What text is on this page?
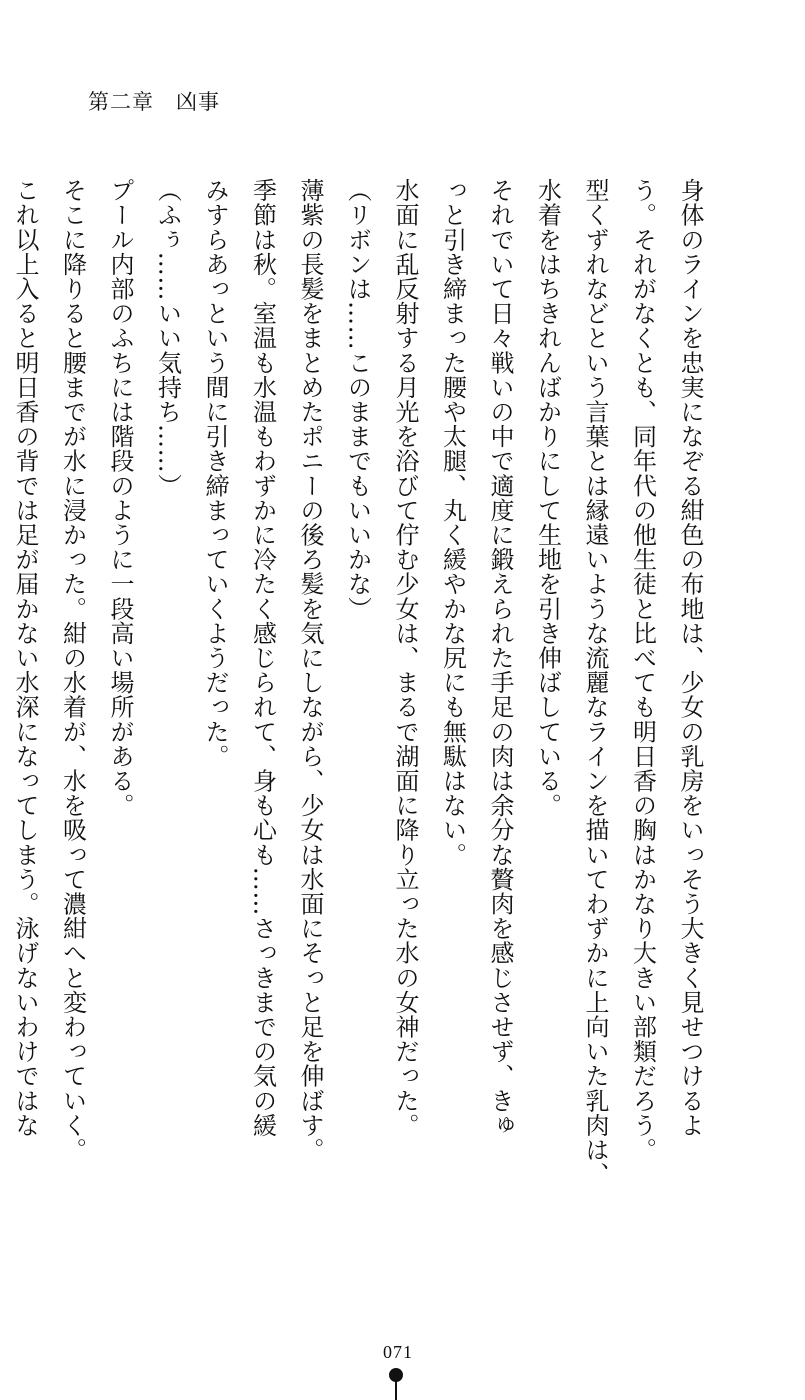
第二章　凶事

身体のラインを忠実になぞる紺色の布地は、少女の乳房をいっそう大きく見せつけるよ
う。それがなくとも、同年代の他生徒と比べても明日香の胸はかなり大きい部類だろう。
型くずれなどという言葉とは縁遠いような流麗なラインを描いてわずかに上向いた乳肉は、
水着をはちきれんばかりにして生地を引き伸ばしている。

それでいて日々戦いの中で適度に鍛えられた手足の肉は余分な贅肉を感じさせず、きゅ
っと引き締まった腰や太腿、丸く緩やかな尻にも無駄はない。

水面に乱反射する月光を浴びて佇む少女は、まるで湖面に降り立った水の女神だった。

（リボンは……このままでもいいかな）

薄紫の長髪をまとめたポニーの後ろ髪を気にしながら、少女は水面にそっと足を伸ばす。
季節は秋。室温も水温もわずかに冷たく感じられて、身も心も……さっきまでの気の緩
みすらあっという間に引き締まっていくようだった。

（ふぅ……いい気持ち……）

プール内部のふちには階段のように一段高い場所がある。

そこに降りると腰までが水に浸かった。紺の水着が、水を吸って濃紺へと変わっていく。
これ以上入ると明日香の背では足が届かない水深になってしまう。泳げないわけではな

071
